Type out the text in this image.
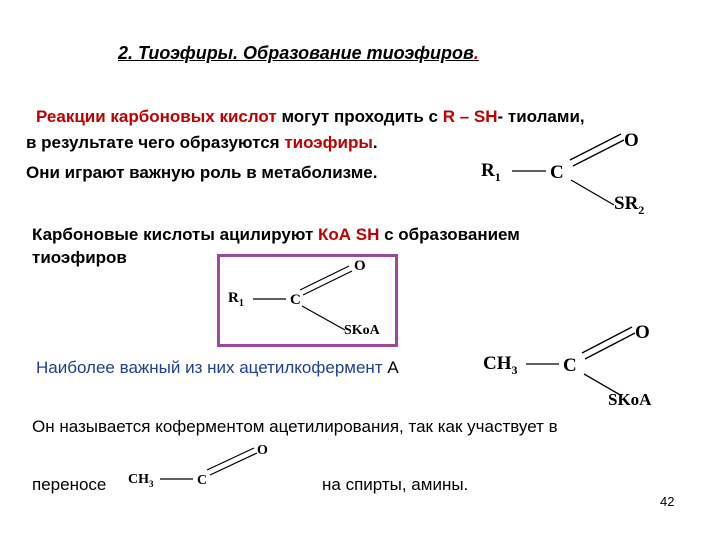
2. Тиоэфиры. Образование тиоэфиров.
Реакции карбоновых кислот могут проходить с R – SH- тиолами,
в результате чего образуются тиоэфиры.
Они играют важную роль в метаболизме.	$R_1$	C
O
$SR_2$
Карбоновые кислоты ацилируют КоА SH с образованием
тиоэфиров
$R_1$	C
O
SKoA
Наиболее важный из них ацетилкофермент А	$CH_3$ C
O
SKoA
Он называется коферментом ацетилирования, так как участвует в
переносе	на спирты, амины.
$CH_3$	C
O
42
